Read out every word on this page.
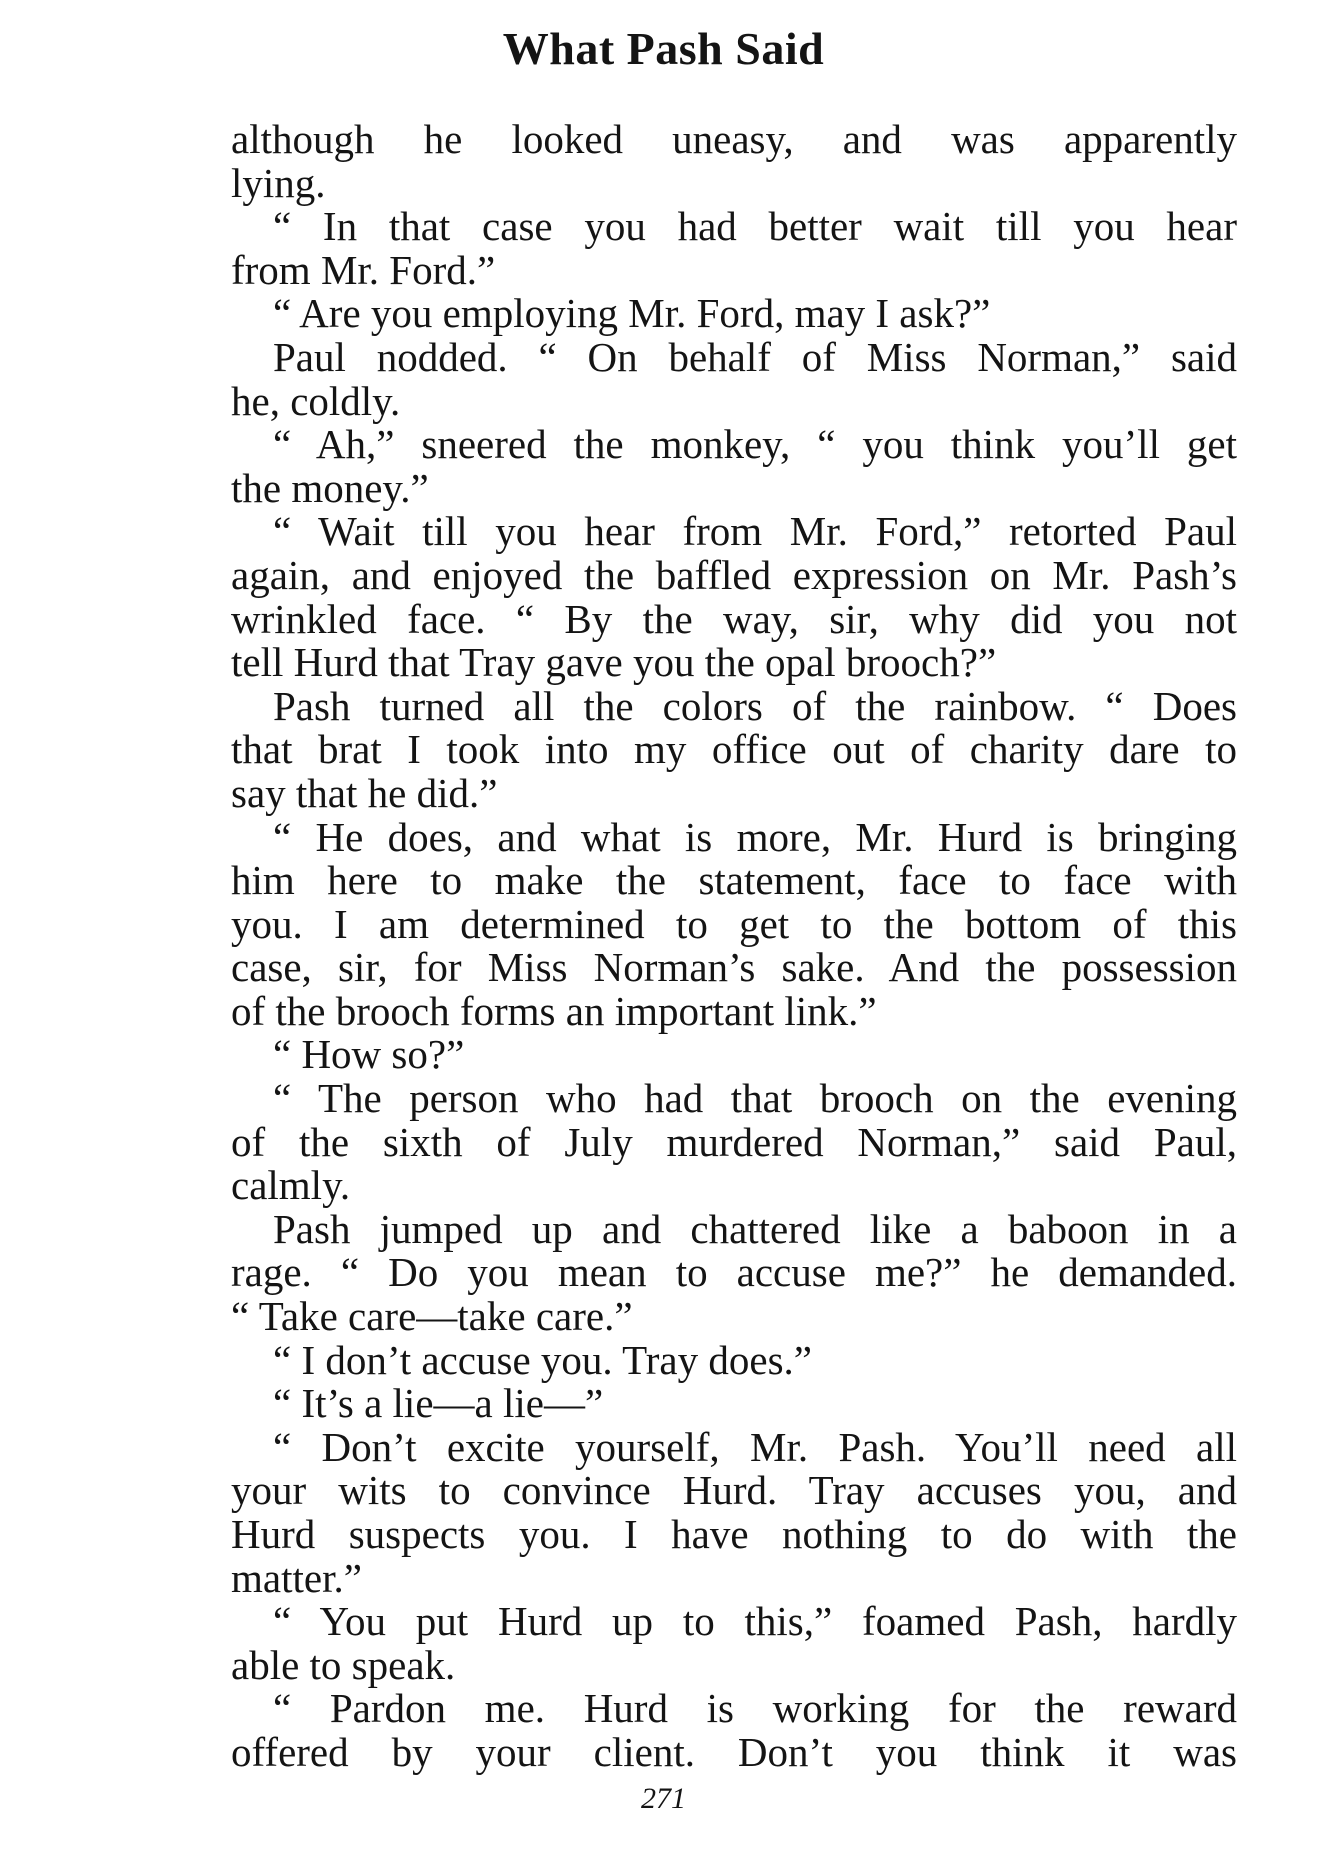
What Pash Said
although he looked uneasy, and was apparently
lying.
“ In that case you had better wait till you hear
from Mr. Ford.”
“ Are you employing Mr. Ford, may I ask?”
Paul nodded. “ On behalf of Miss Norman,” said
he, coldly.
“ Ah,” sneered the monkey, “ you think you’ll get
the money.”
“ Wait till you hear from Mr. Ford,” retorted Paul
again, and enjoyed the baffled expression on Mr. Pash’s
wrinkled face. “ By the way, sir, why did you not
tell Hurd that Tray gave you the opal brooch?”
Pash turned all the colors of the rainbow. “ Does
that brat I took into my office out of charity dare to
say that he did.”
“ He does, and what is more, Mr. Hurd is bringing
him here to make the statement, face to face with
you. I am determined to get to the bottom of this
case, sir, for Miss Norman’s sake. And the possession
of the brooch forms an important link.”
“ How so?”
“ The person who had that brooch on the evening
of the sixth of July murdered Norman,” said Paul,
calmly.
Pash jumped up and chattered like a baboon in a
rage. “ Do you mean to accuse me?” he demanded.
“ Take care—take care.”
“ I don’t accuse you. Tray does.”
“ It’s a lie—a lie—”
“ Don’t excite yourself, Mr. Pash. You’ll need all
your wits to convince Hurd. Tray accuses you, and
Hurd suspects you. I have nothing to do with the
matter.”
“ You put Hurd up to this,” foamed Pash, hardly
able to speak.
“ Pardon me. Hurd is working for the reward
offered by your client. Don’t you think it was
271
